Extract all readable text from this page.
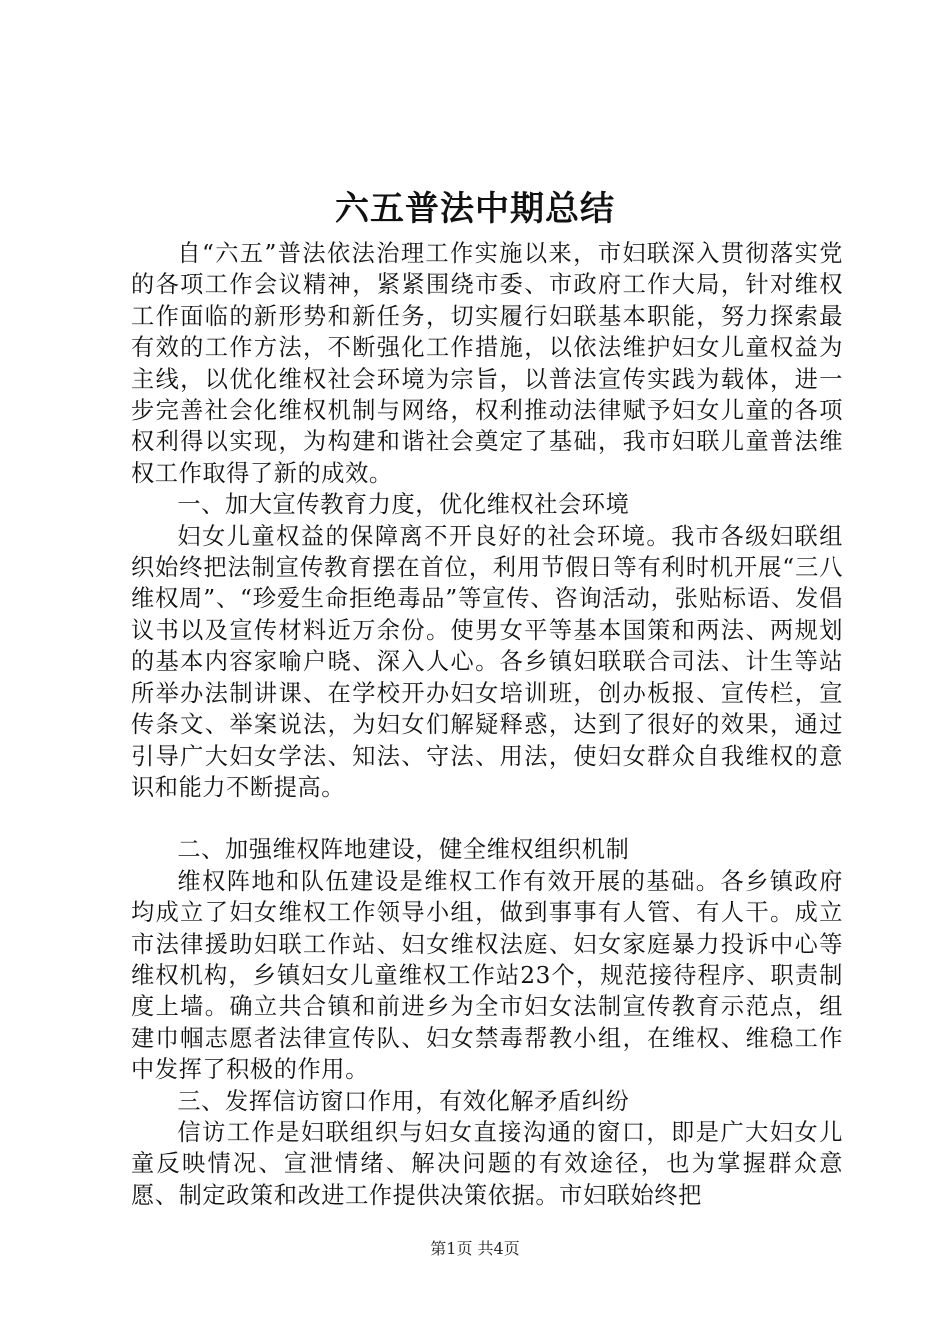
六五普法中期总结

自“六五”普法依法治理工作实施以来，市妇联深入贯彻落实党的各项工作会议精神，紧紧围绕市委、市政府工作大局，针对维权工作面临的新形势和新任务，切实履行妇联基本职能，努力探索最有效的工作方法，不断强化工作措施，以依法维护妇女儿童权益为主线，以优化维权社会环境为宗旨，以普法宣传实践为载体，进一步完善社会化维权机制与网络，权利推动法律赋予妇女儿童的各项权利得以实现，为构建和谐社会奠定了基础，我市妇联儿童普法维权工作取得了新的成效。

一、加大宣传教育力度，优化维权社会环境

妇女儿童权益的保障离不开良好的社会环境。我市各级妇联组织始终把法制宣传教育摆在首位，利用节假日等有利时机开展“三八维权周”、“珍爱生命拒绝毒品”等宣传、咨询活动，张贴标语、发倡议书以及宣传材料近万余份。使男女平等基本国策和两法、两规划的基本内容家喻户晓、深入人心。各乡镇妇联联合司法、计生等站所举办法制讲课、在学校开办妇女培训班，创办板报、宣传栏，宣传条文、举案说法，为妇女们解疑释惑，达到了很好的效果，通过引导广大妇女学法、知法、守法、用法，使妇女群众自我维权的意识和能力不断提高。

二、加强维权阵地建设，健全维权组织机制

维权阵地和队伍建设是维权工作有效开展的基础。各乡镇政府均成立了妇女维权工作领导小组，做到事事有人管、有人干。成立市法律援助妇联工作站、妇女维权法庭、妇女家庭暴力投诉中心等维权机构，乡镇妇女儿童维权工作站23个，规范接待程序、职责制度上墙。确立共合镇和前进乡为全市妇女法制宣传教育示范点，组建巾帼志愿者法律宣传队、妇女禁毒帮教小组，在维权、维稳工作中发挥了积极的作用。

三、发挥信访窗口作用，有效化解矛盾纠纷

信访工作是妇联组织与妇女直接沟通的窗口，即是广大妇女儿童反映情况、宣泄情绪、解决问题的有效途径，也为掌握群众意愿、制定政策和改进工作提供决策依据。市妇联始终把

第1页 共4页
